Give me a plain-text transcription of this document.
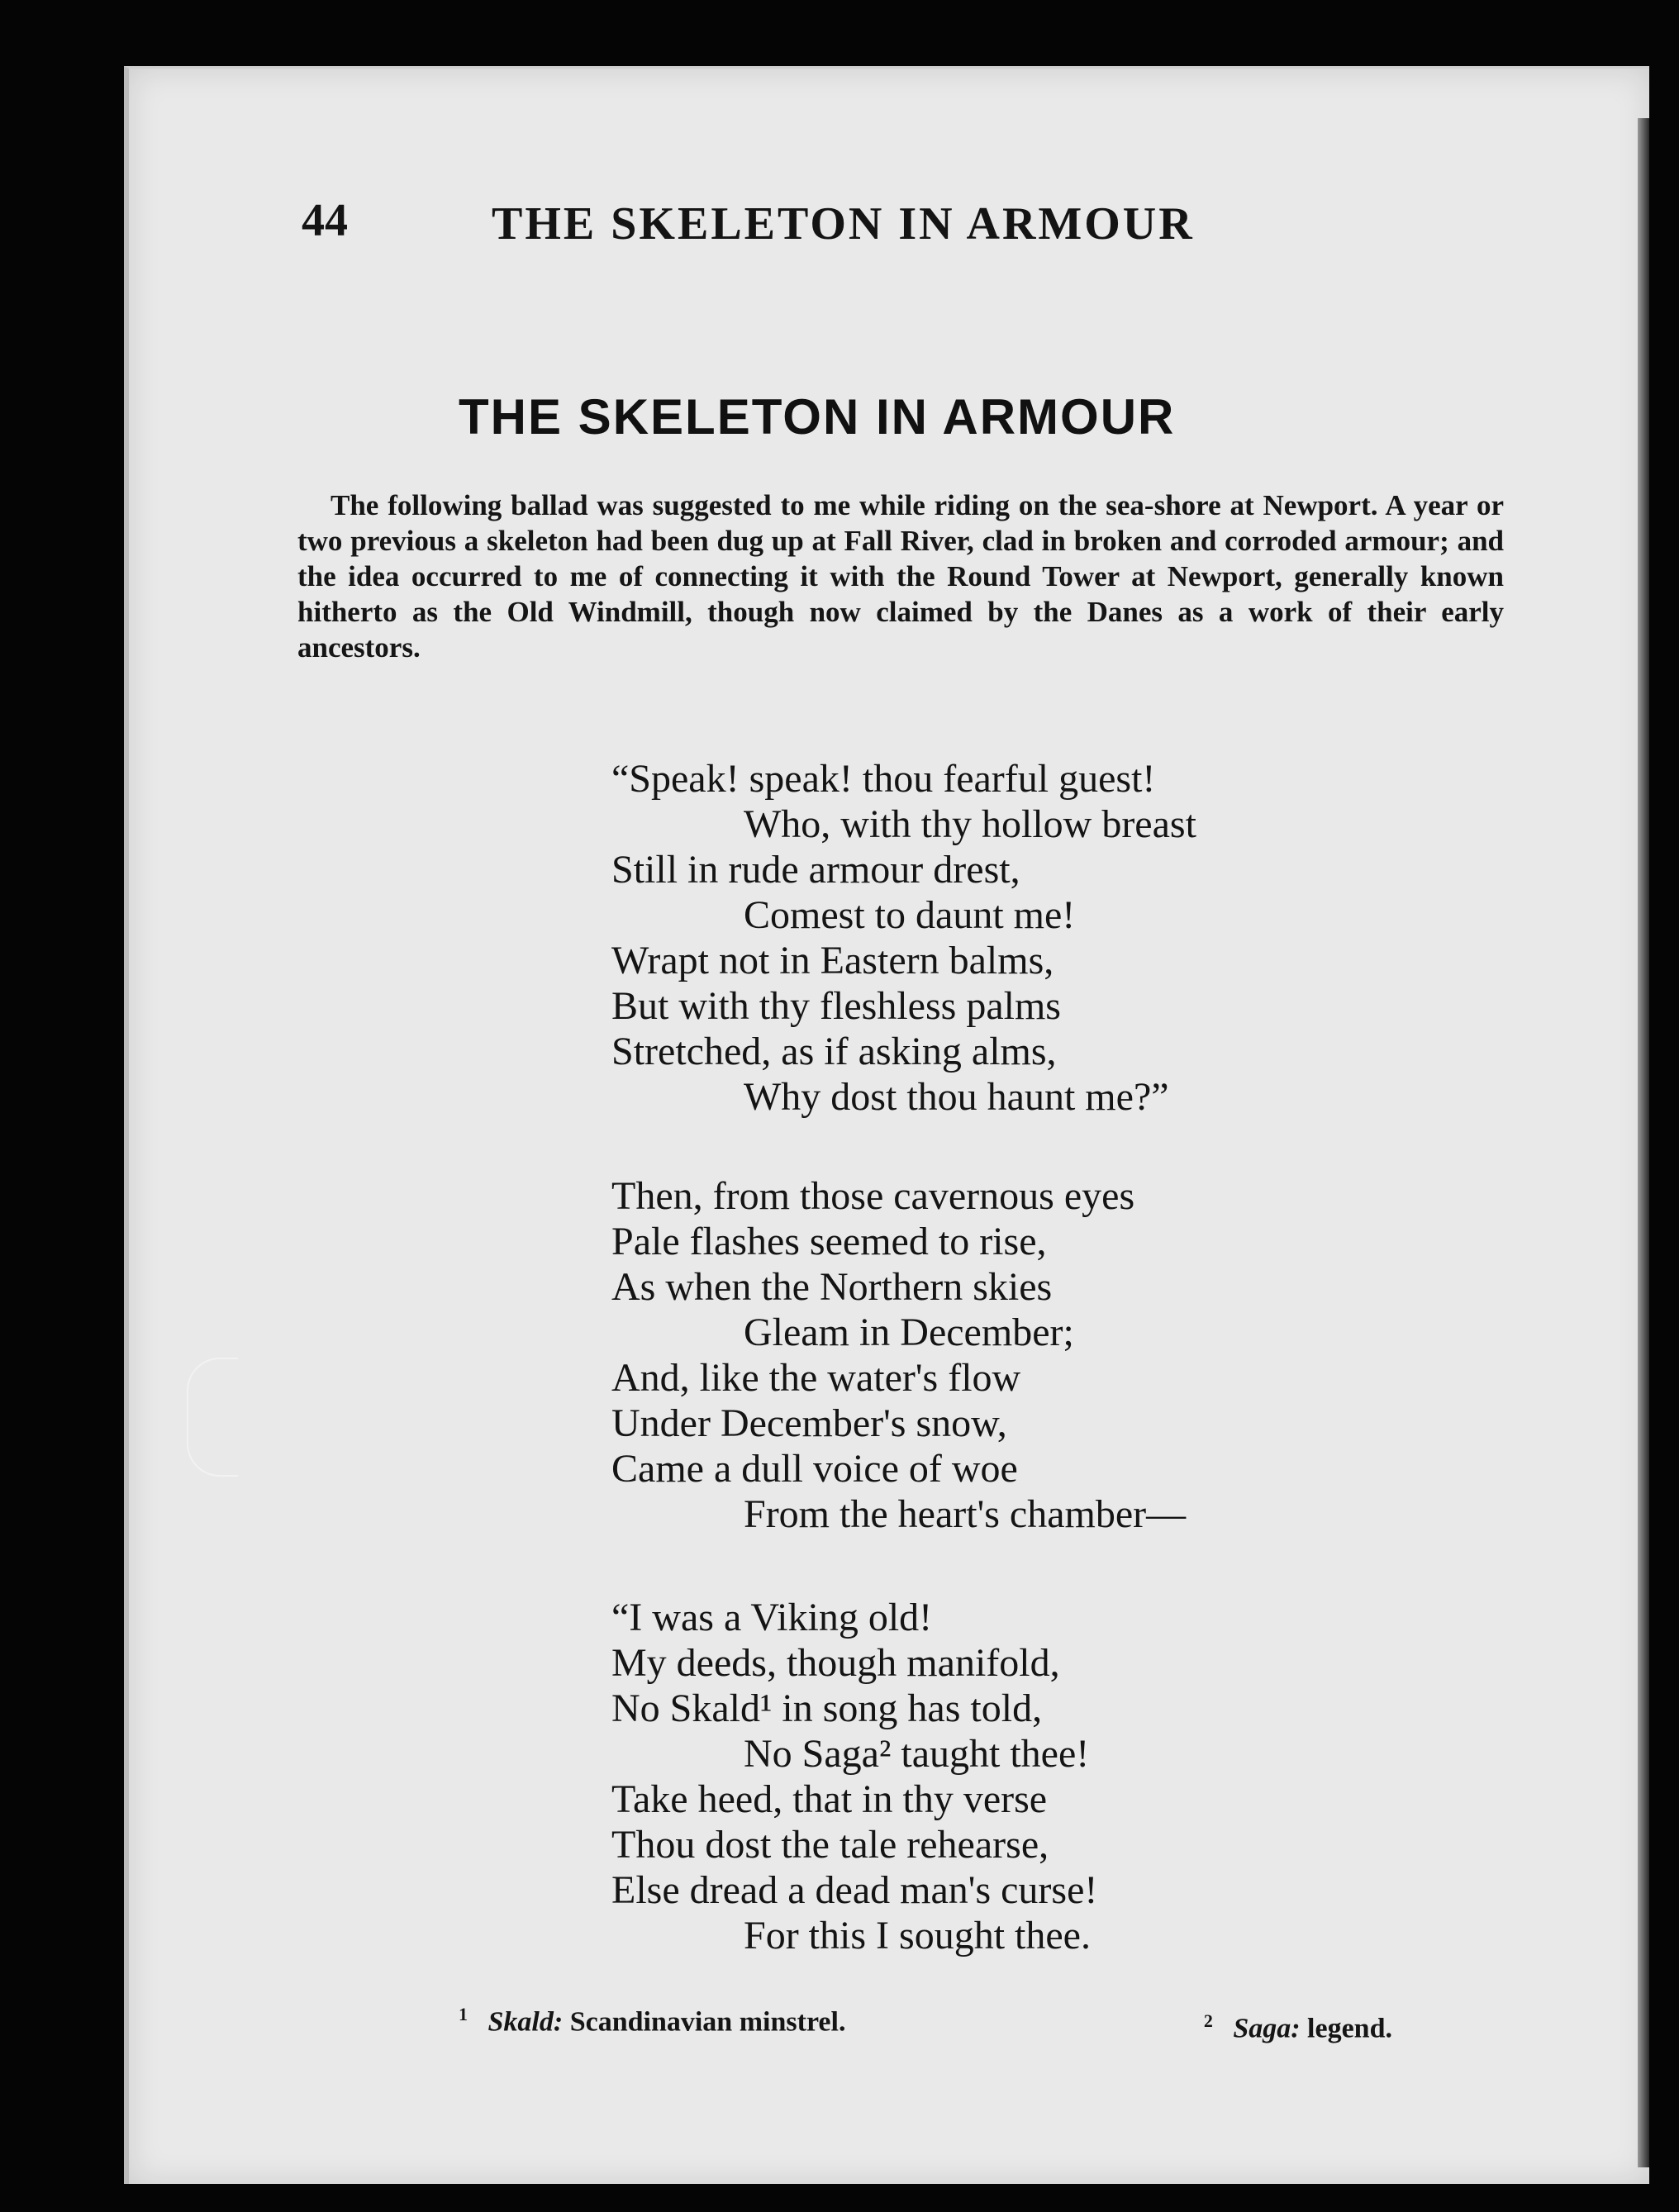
44	THE SKELETON IN ARMOUR
THE SKELETON IN ARMOUR

The following ballad was suggested to me while riding on the sea-shore at Newport. A year or two previous a skeleton had been dug up at Fall River, clad in broken and corroded armour; and the idea occurred to me of connecting it with the Round Tower at Newport, generally known hitherto as the Old Windmill, though now claimed by the Danes as a work of their early ancestors.

“Speak! speak! thou fearful guest!
Who, with thy hollow breast
Still in rude armour drest,
Comest to daunt me!
Wrapt not in Eastern balms,
But with thy fleshless palms
Stretched, as if asking alms,
Why dost thou haunt me?”
Then, from those cavernous eyes
Pale flashes seemed to rise,
As when the Northern skies
Gleam in December;
And, like the water's flow
Under December's snow,
Came a dull voice of woe
From the heart's chamber—
“I was a Viking old!
My deeds, though manifold,
No Skald¹ in song has told,
No Saga² taught thee!
Take heed, that in thy verse
Thou dost the tale rehearse,
Else dread a dead man's curse!
For this I sought thee.
$^1$ Skald: Scandinavian minstrel.	$^2$ Saga: legend.
